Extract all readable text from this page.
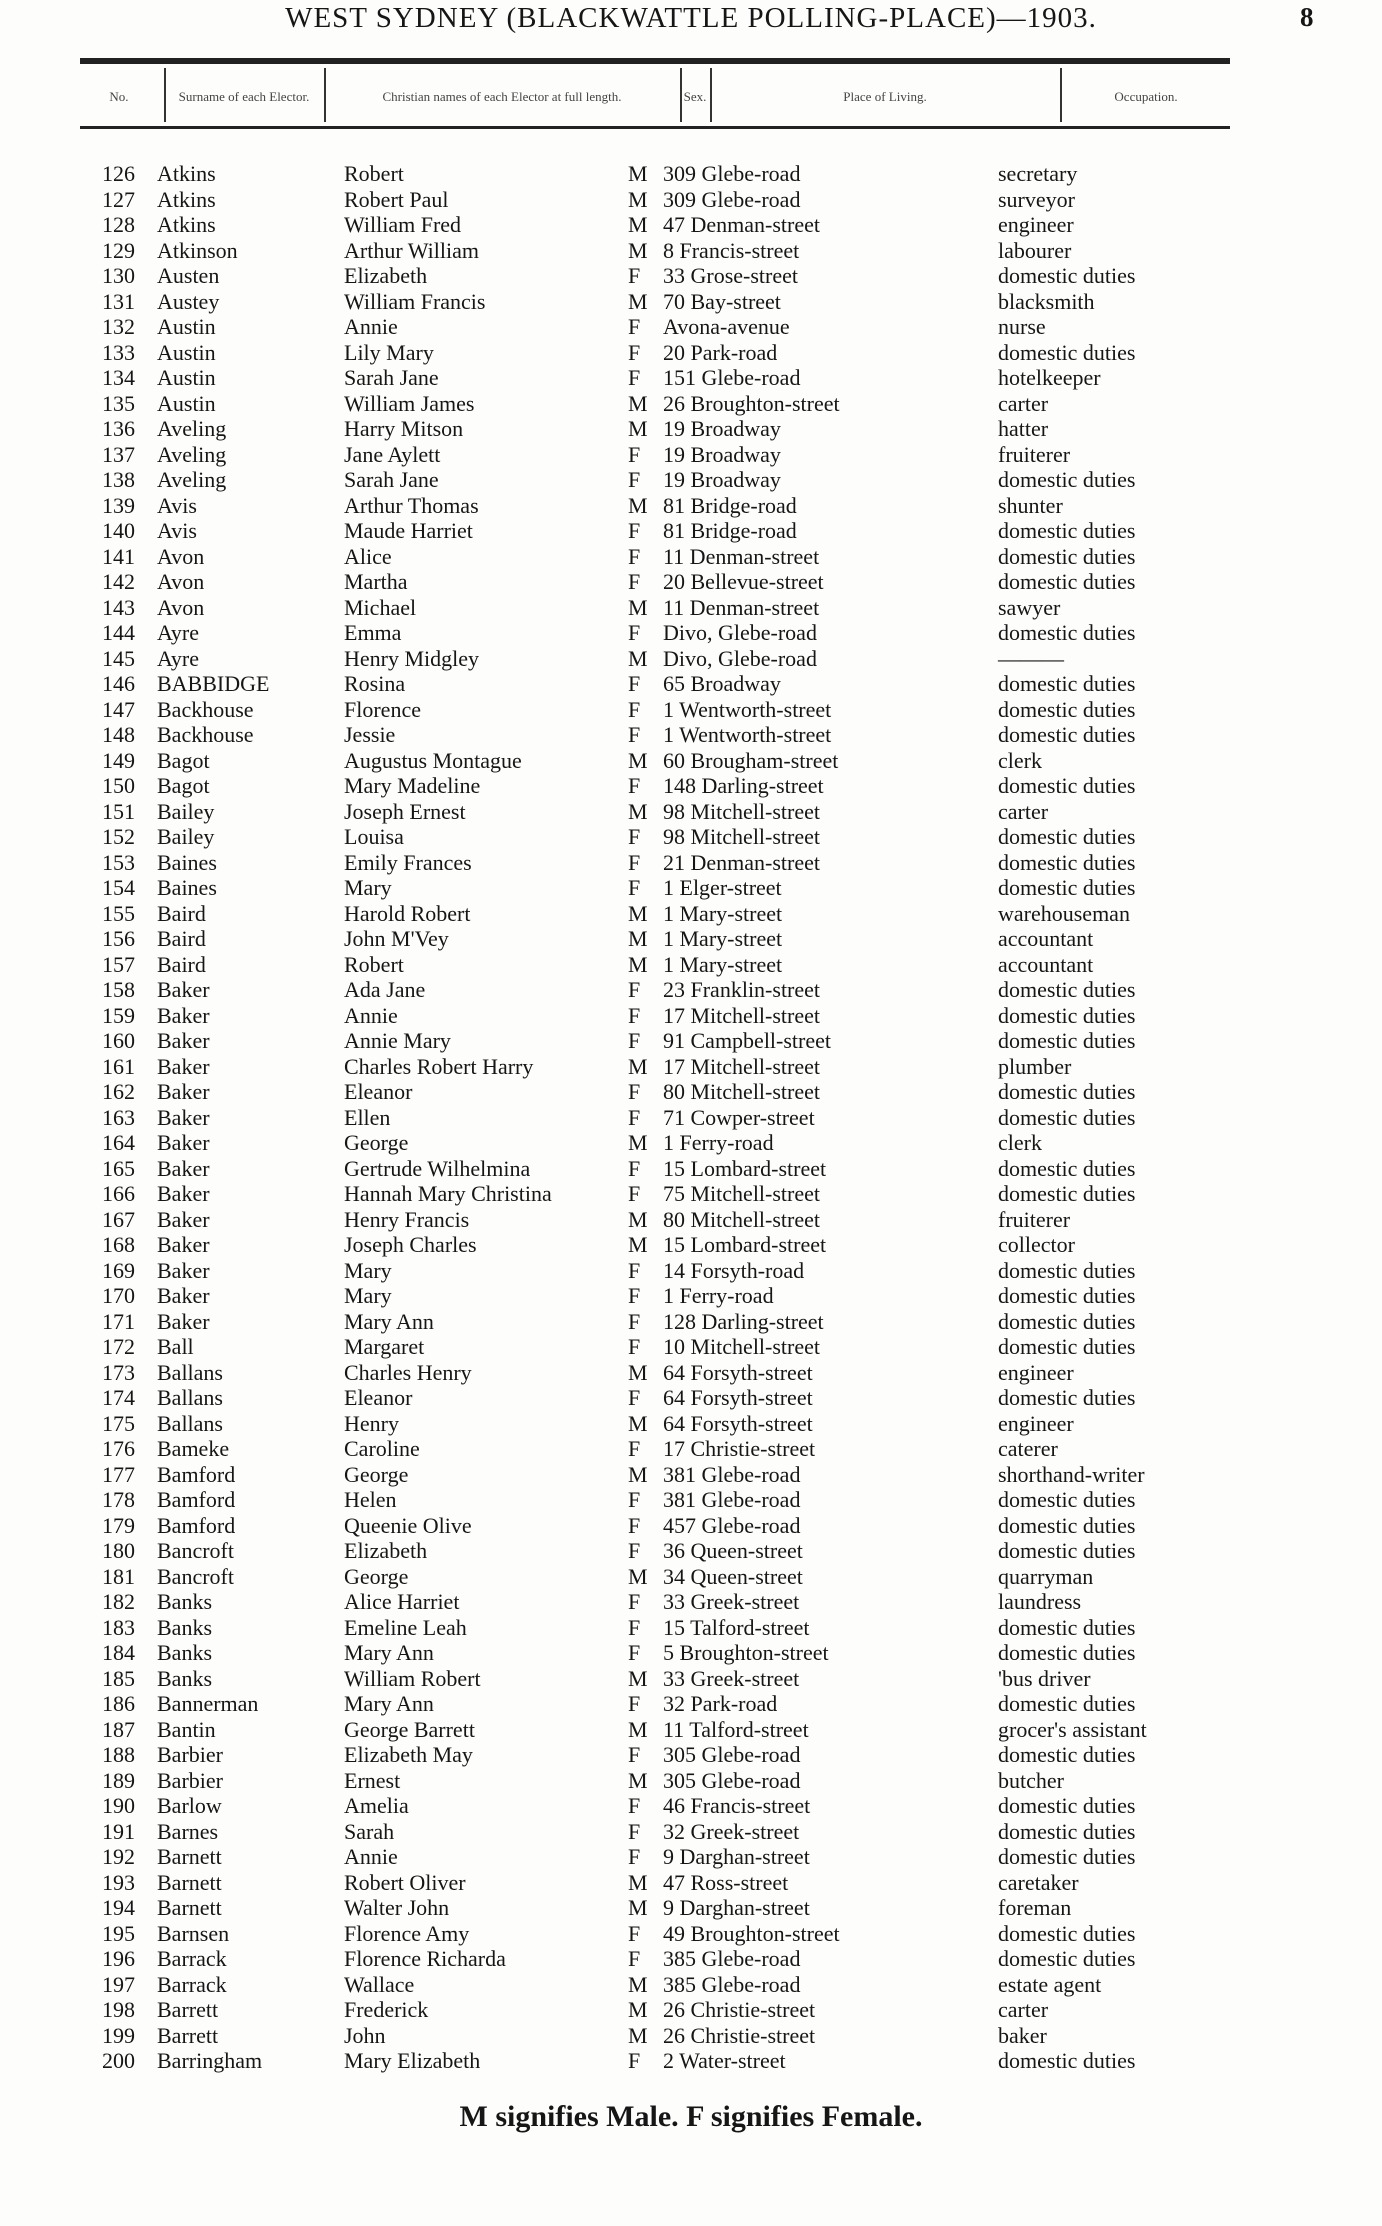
WEST SYDNEY (BLACKWATTLE POLLING-PLACE)—1903.	8
No.	Surname of each Elector.	Christian names of each Elector at full length.	Sex.	Place of Living.	Occupation.
126 Atkins	Robert	M 309 Glebe-road	secretary
127 Atkins	Robert Paul	M 309 Glebe-road	surveyor
128 Atkins	William Fred	M 47 Denman-street	engineer
129 Atkinson	Arthur William	M 8 Francis-street	labourer
130 Austen	Elizabeth	F 33 Grose-street	domestic duties
131 Austey	William Francis	M 70 Bay-street	blacksmith
132 Austin	Annie	F Avona-avenue	nurse
133 Austin	Lily Mary	F 20 Park-road	domestic duties
134 Austin	Sarah Jane	F 151 Glebe-road	hotelkeeper
135 Austin	William James	M 26 Broughton-street	carter
136 Aveling	Harry Mitson	M 19 Broadway	hatter
137 Aveling	Jane Aylett	F 19 Broadway	fruiterer
138 Aveling	Sarah Jane	F 19 Broadway	domestic duties
139 Avis	Arthur Thomas	M 81 Bridge-road	shunter
140 Avis	Maude Harriet	F 81 Bridge-road	domestic duties
141 Avon	Alice	F 11 Denman-street	domestic duties
142 Avon	Martha	F 20 Bellevue-street	domestic duties
143 Avon	Michael	M 11 Denman-street	sawyer
144 Ayre	Emma	F Divo, Glebe-road	domestic duties
145 Ayre	Henry Midgley	M Divo, Glebe-road	———
146 BABBIDGE	Rosina	F 65 Broadway	domestic duties
147 Backhouse	Florence	F 1 Wentworth-street	domestic duties
148 Backhouse	Jessie	F 1 Wentworth-street	domestic duties
149 Bagot	Augustus Montague	M 60 Brougham-street	clerk
150 Bagot	Mary Madeline	F 148 Darling-street	domestic duties
151 Bailey	Joseph Ernest	M 98 Mitchell-street	carter
152 Bailey	Louisa	F 98 Mitchell-street	domestic duties
153 Baines	Emily Frances	F 21 Denman-street	domestic duties
154 Baines	Mary	F 1 Elger-street	domestic duties
155 Baird	Harold Robert	M 1 Mary-street	warehouseman
156 Baird	John M'Vey	M 1 Mary-street	accountant
157 Baird	Robert	M 1 Mary-street	accountant
158 Baker	Ada Jane	F 23 Franklin-street	domestic duties
159 Baker	Annie	F 17 Mitchell-street	domestic duties
160 Baker	Annie Mary	F 91 Campbell-street	domestic duties
161 Baker	Charles Robert Harry	M 17 Mitchell-street	plumber
162 Baker	Eleanor	F 80 Mitchell-street	domestic duties
163 Baker	Ellen	F 71 Cowper-street	domestic duties
164 Baker	George	M 1 Ferry-road	clerk
165 Baker	Gertrude Wilhelmina	F 15 Lombard-street	domestic duties
166 Baker	Hannah Mary Christina	F 75 Mitchell-street	domestic duties
167 Baker	Henry Francis	M 80 Mitchell-street	fruiterer
168 Baker	Joseph Charles	M 15 Lombard-street	collector
169 Baker	Mary	F 14 Forsyth-road	domestic duties
170 Baker	Mary	F 1 Ferry-road	domestic duties
171 Baker	Mary Ann	F 128 Darling-street	domestic duties
172 Ball	Margaret	F 10 Mitchell-street	domestic duties
173 Ballans	Charles Henry	M 64 Forsyth-street	engineer
174 Ballans	Eleanor	F 64 Forsyth-street	domestic duties
175 Ballans	Henry	M 64 Forsyth-street	engineer
176 Bameke	Caroline	F 17 Christie-street	caterer
177 Bamford	George	M 381 Glebe-road	shorthand-writer
178 Bamford	Helen	F 381 Glebe-road	domestic duties
179 Bamford	Queenie Olive	F 457 Glebe-road	domestic duties
180 Bancroft	Elizabeth	F 36 Queen-street	domestic duties
181 Bancroft	George	M 34 Queen-street	quarryman
182 Banks	Alice Harriet	F 33 Greek-street	laundress
183 Banks	Emeline Leah	F 15 Talford-street	domestic duties
184 Banks	Mary Ann	F 5 Broughton-street	domestic duties
185 Banks	William Robert	M 33 Greek-street	'bus driver
186 Bannerman	Mary Ann	F 32 Park-road	domestic duties
187 Bantin	George Barrett	M 11 Talford-street	grocer's assistant
188 Barbier	Elizabeth May	F 305 Glebe-road	domestic duties
189 Barbier	Ernest	M 305 Glebe-road	butcher
190 Barlow	Amelia	F 46 Francis-street	domestic duties
191 Barnes	Sarah	F 32 Greek-street	domestic duties
192 Barnett	Annie	F 9 Darghan-street	domestic duties
193 Barnett	Robert Oliver	M 47 Ross-street	caretaker
194 Barnett	Walter John	M 9 Darghan-street	foreman
195 Barnsen	Florence Amy	F 49 Broughton-street	domestic duties
196 Barrack	Florence Richarda	F 385 Glebe-road	domestic duties
197 Barrack	Wallace	M 385 Glebe-road	estate agent
198 Barrett	Frederick	M 26 Christie-street	carter
199 Barrett	John	M 26 Christie-street	baker
200 Barringham	Mary Elizabeth	F 2 Water-street	domestic duties
M signifies Male. F signifies Female.
